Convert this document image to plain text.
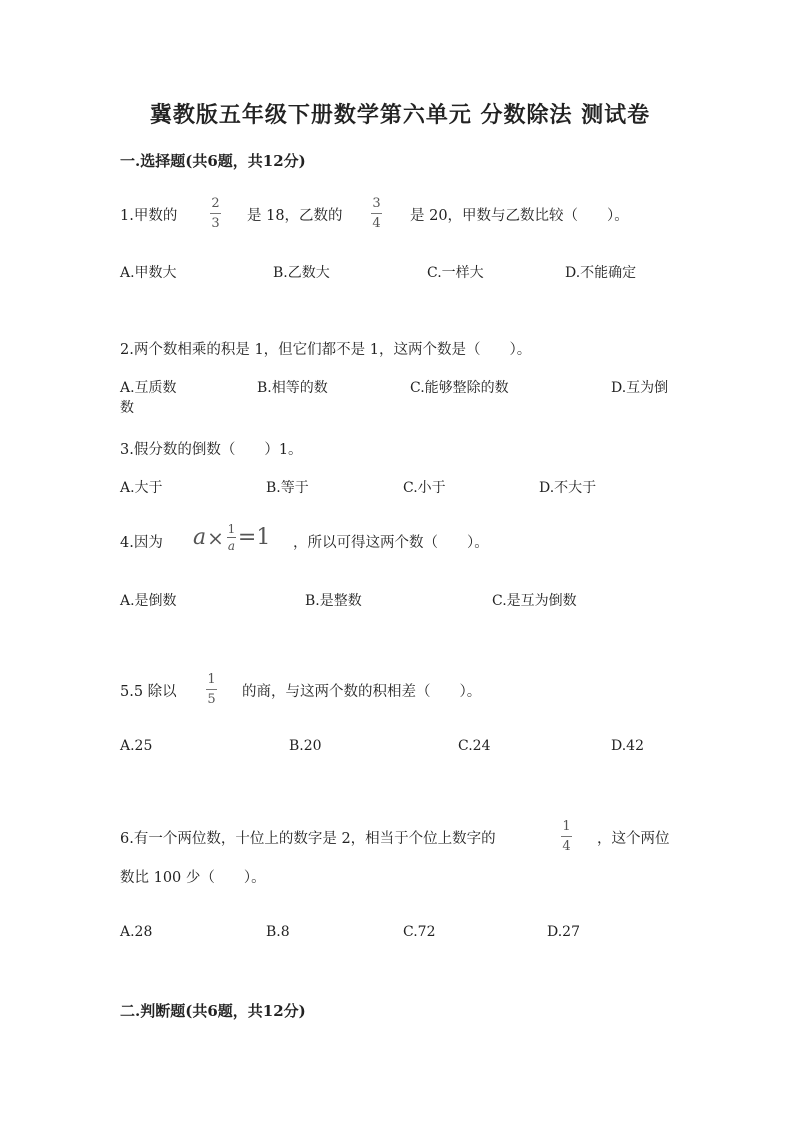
冀教版五年级下册数学第六单元 分数除法 测试卷
一.选择题(共6题，共12分)
1.甲数的
2
3 是 18，乙数的
3
4 是 20，甲数与乙数比较（　　）。
A.甲数大	B.乙数大	C.一样大	D.不能确定
2.两个数相乘的积是 1，但它们都不是 1，这两个数是（　　）。
A.互质数	B.相等的数	C.能够整除的数	D.互为倒
数
3.假分数的倒数（　　）1。
A.大于	B.等于	C.小于	D.不大于
4.因为 a × 1
a =1 ，所以可得这两个数（　　）。
A.是倒数	B.是整数	C.是互为倒数
5.5 除以
1
5 的商，与这两个数的积相差（　　）。
A.25	B.20	C.24	D.42
6.有一个两位数，十位上的数字是 2，相当于个位上数字的
1
4 ，这个两位
数比 100 少（　　）。
A.28	B.8	C.72	D.27
二.判断题(共6题，共12分)
